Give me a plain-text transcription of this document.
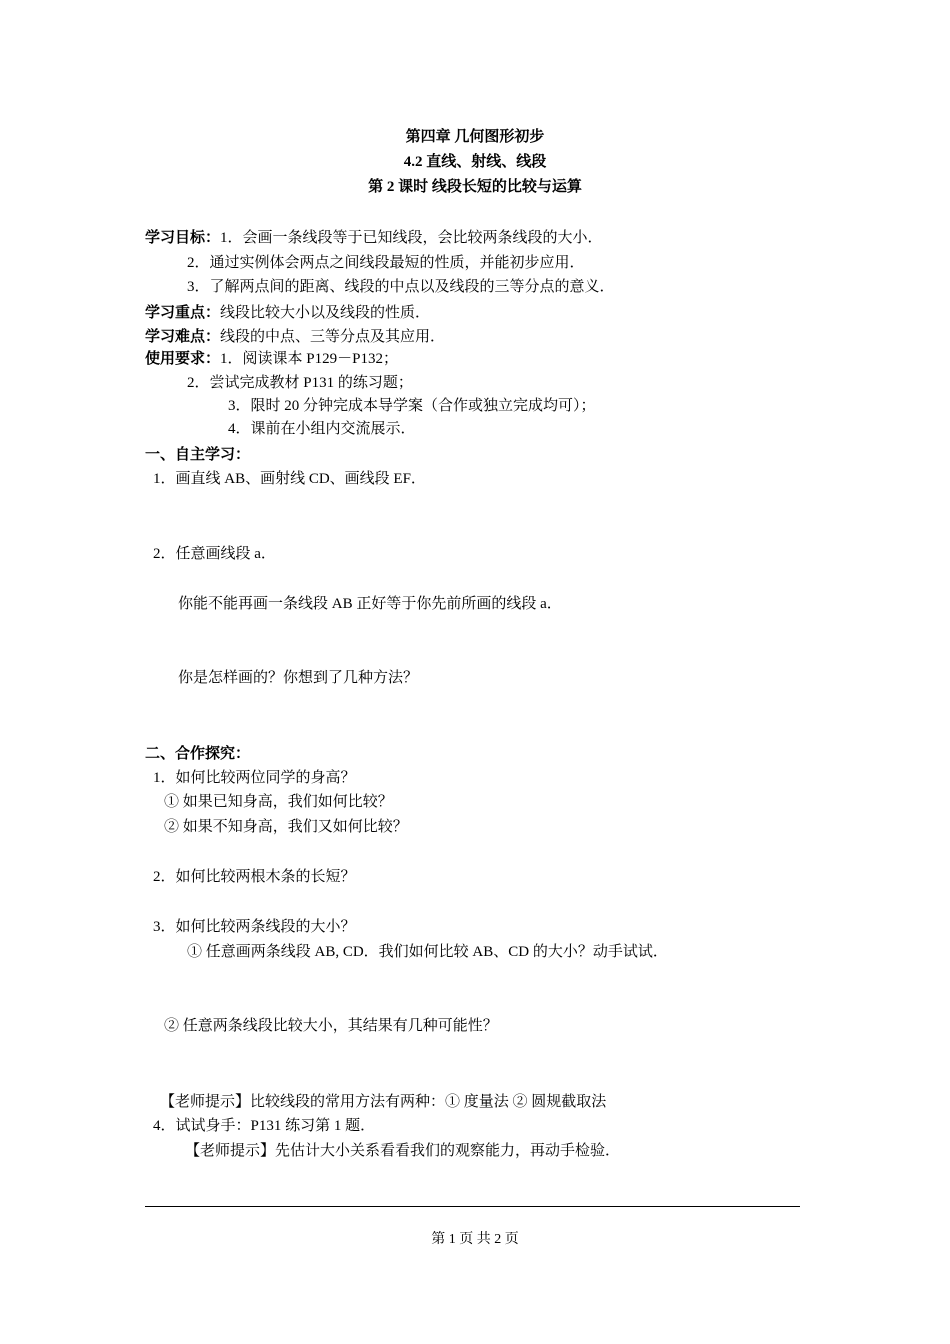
第四章 几何图形初步
4.2 直线、射线、线段
第 2 课时 线段长短的比较与运算
学习目标：1．会画一条线段等于已知线段，会比较两条线段的大小．
2．通过实例体会两点之间线段最短的性质，并能初步应用．
3．了解两点间的距离、线段的中点以及线段的三等分点的意义．
学习重点：线段比较大小以及线段的性质．
学习难点：线段的中点、三等分点及其应用．
使用要求：1．阅读课本 P129－P132；
2．尝试完成教材 P131 的练习题；
3．限时 20 分钟完成本导学案（合作或独立完成均可）；
4．课前在小组内交流展示．
一、自主学习：
1．画直线 AB、画射线 CD、画线段 EF．
2．任意画线段 a．
你能不能再画一条线段 AB 正好等于你先前所画的线段 a．
你是怎样画的？你想到了几种方法？
二、合作探究：
1．如何比较两位同学的身高？
① 如果已知身高，我们如何比较？
② 如果不知身高，我们又如何比较？
2．如何比较两根木条的长短？
3．如何比较两条线段的大小？
① 任意画两条线段 AB, CD．我们如何比较 AB、CD 的大小？动手试试．
② 任意两条线段比较大小，其结果有几种可能性？
【老师提示】比较线段的常用方法有两种：① 度量法 ② 圆规截取法
4．试试身手：P131 练习第 1 题．
【老师提示】先估计大小关系看看我们的观察能力，再动手检验．
第 1 页 共 2 页
